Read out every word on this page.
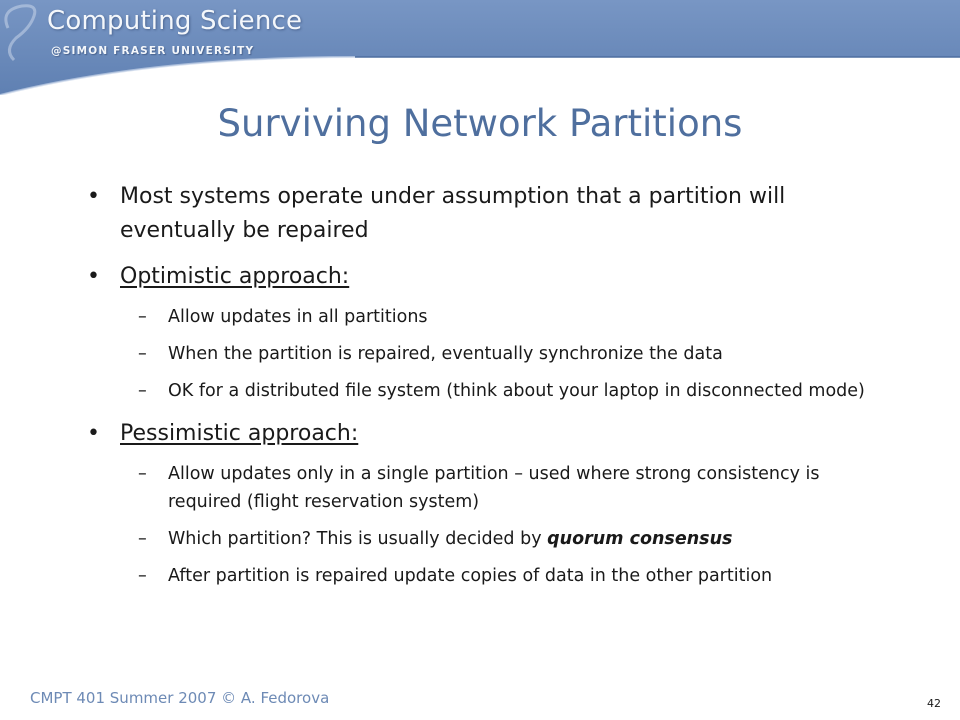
Computing Science
@SIMON FRASER UNIVERSITY
Surviving Network Partitions
• Most systems operate under assumption that a partition will eventually be repaired
• Optimistic approach:
– Allow updates in all partitions
– When the partition is repaired, eventually synchronize the data
– OK for a distributed file system (think about your laptop in disconnected mode)
• Pessimistic approach:
– Allow updates only in a single partition – used where strong consistency is required (flight reservation system)
– Which partition? This is usually decided by quorum consensus
– After partition is repaired update copies of data in the other partition
CMPT 401 Summer 2007 © A. Fedorova	42
